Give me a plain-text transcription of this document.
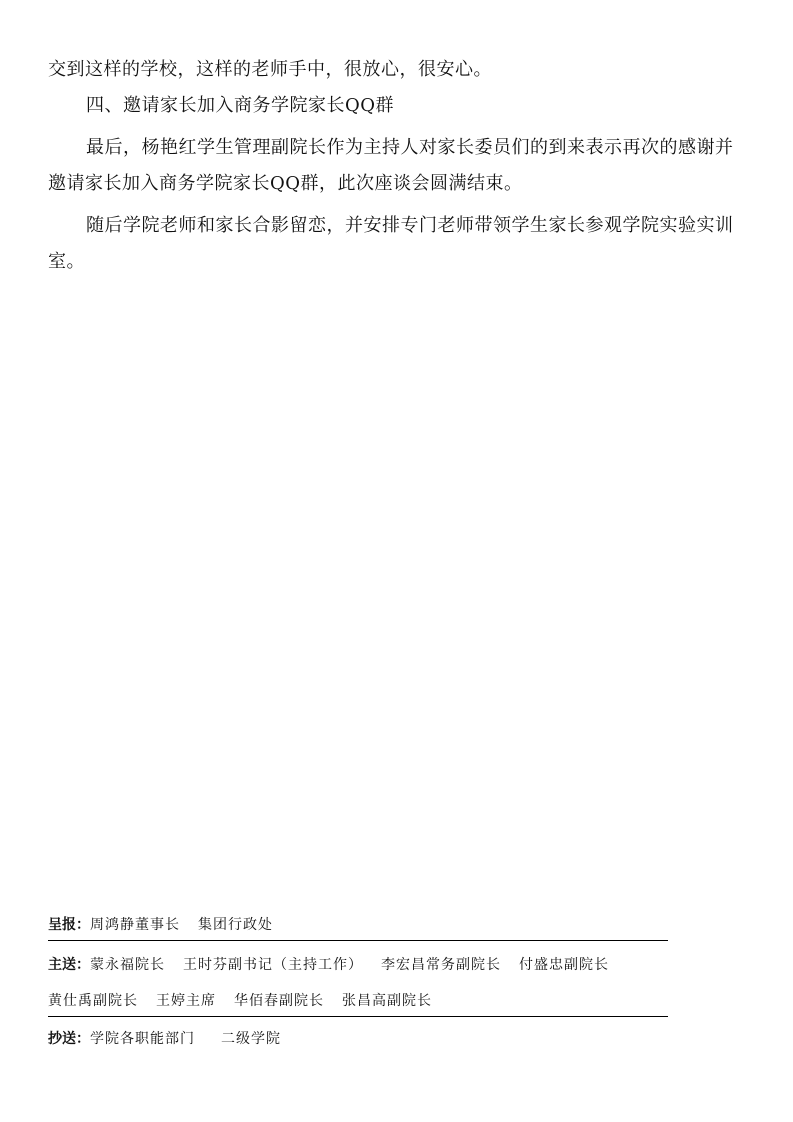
交到这样的学校，这样的老师手中，很放心，很安心。

四、邀请家长加入商务学院家长QQ群

最后，杨艳红学生管理副院长作为主持人对家长委员们的到来表示再次的感谢并邀请家长加入商务学院家长QQ群，此次座谈会圆满结束。

随后学院老师和家长合影留恋，并安排专门老师带领学生家长参观学院实验实训室。

呈报：周鸿静董事长 集团行政处
主送：蒙永福院长 王时芬副书记（主持工作） 李宏昌常务副院长 付盛忠副院长
黄仕禹副院长 王婷主席 华佰春副院长 张昌高副院长
抄送：学院各职能部门 二级学院
